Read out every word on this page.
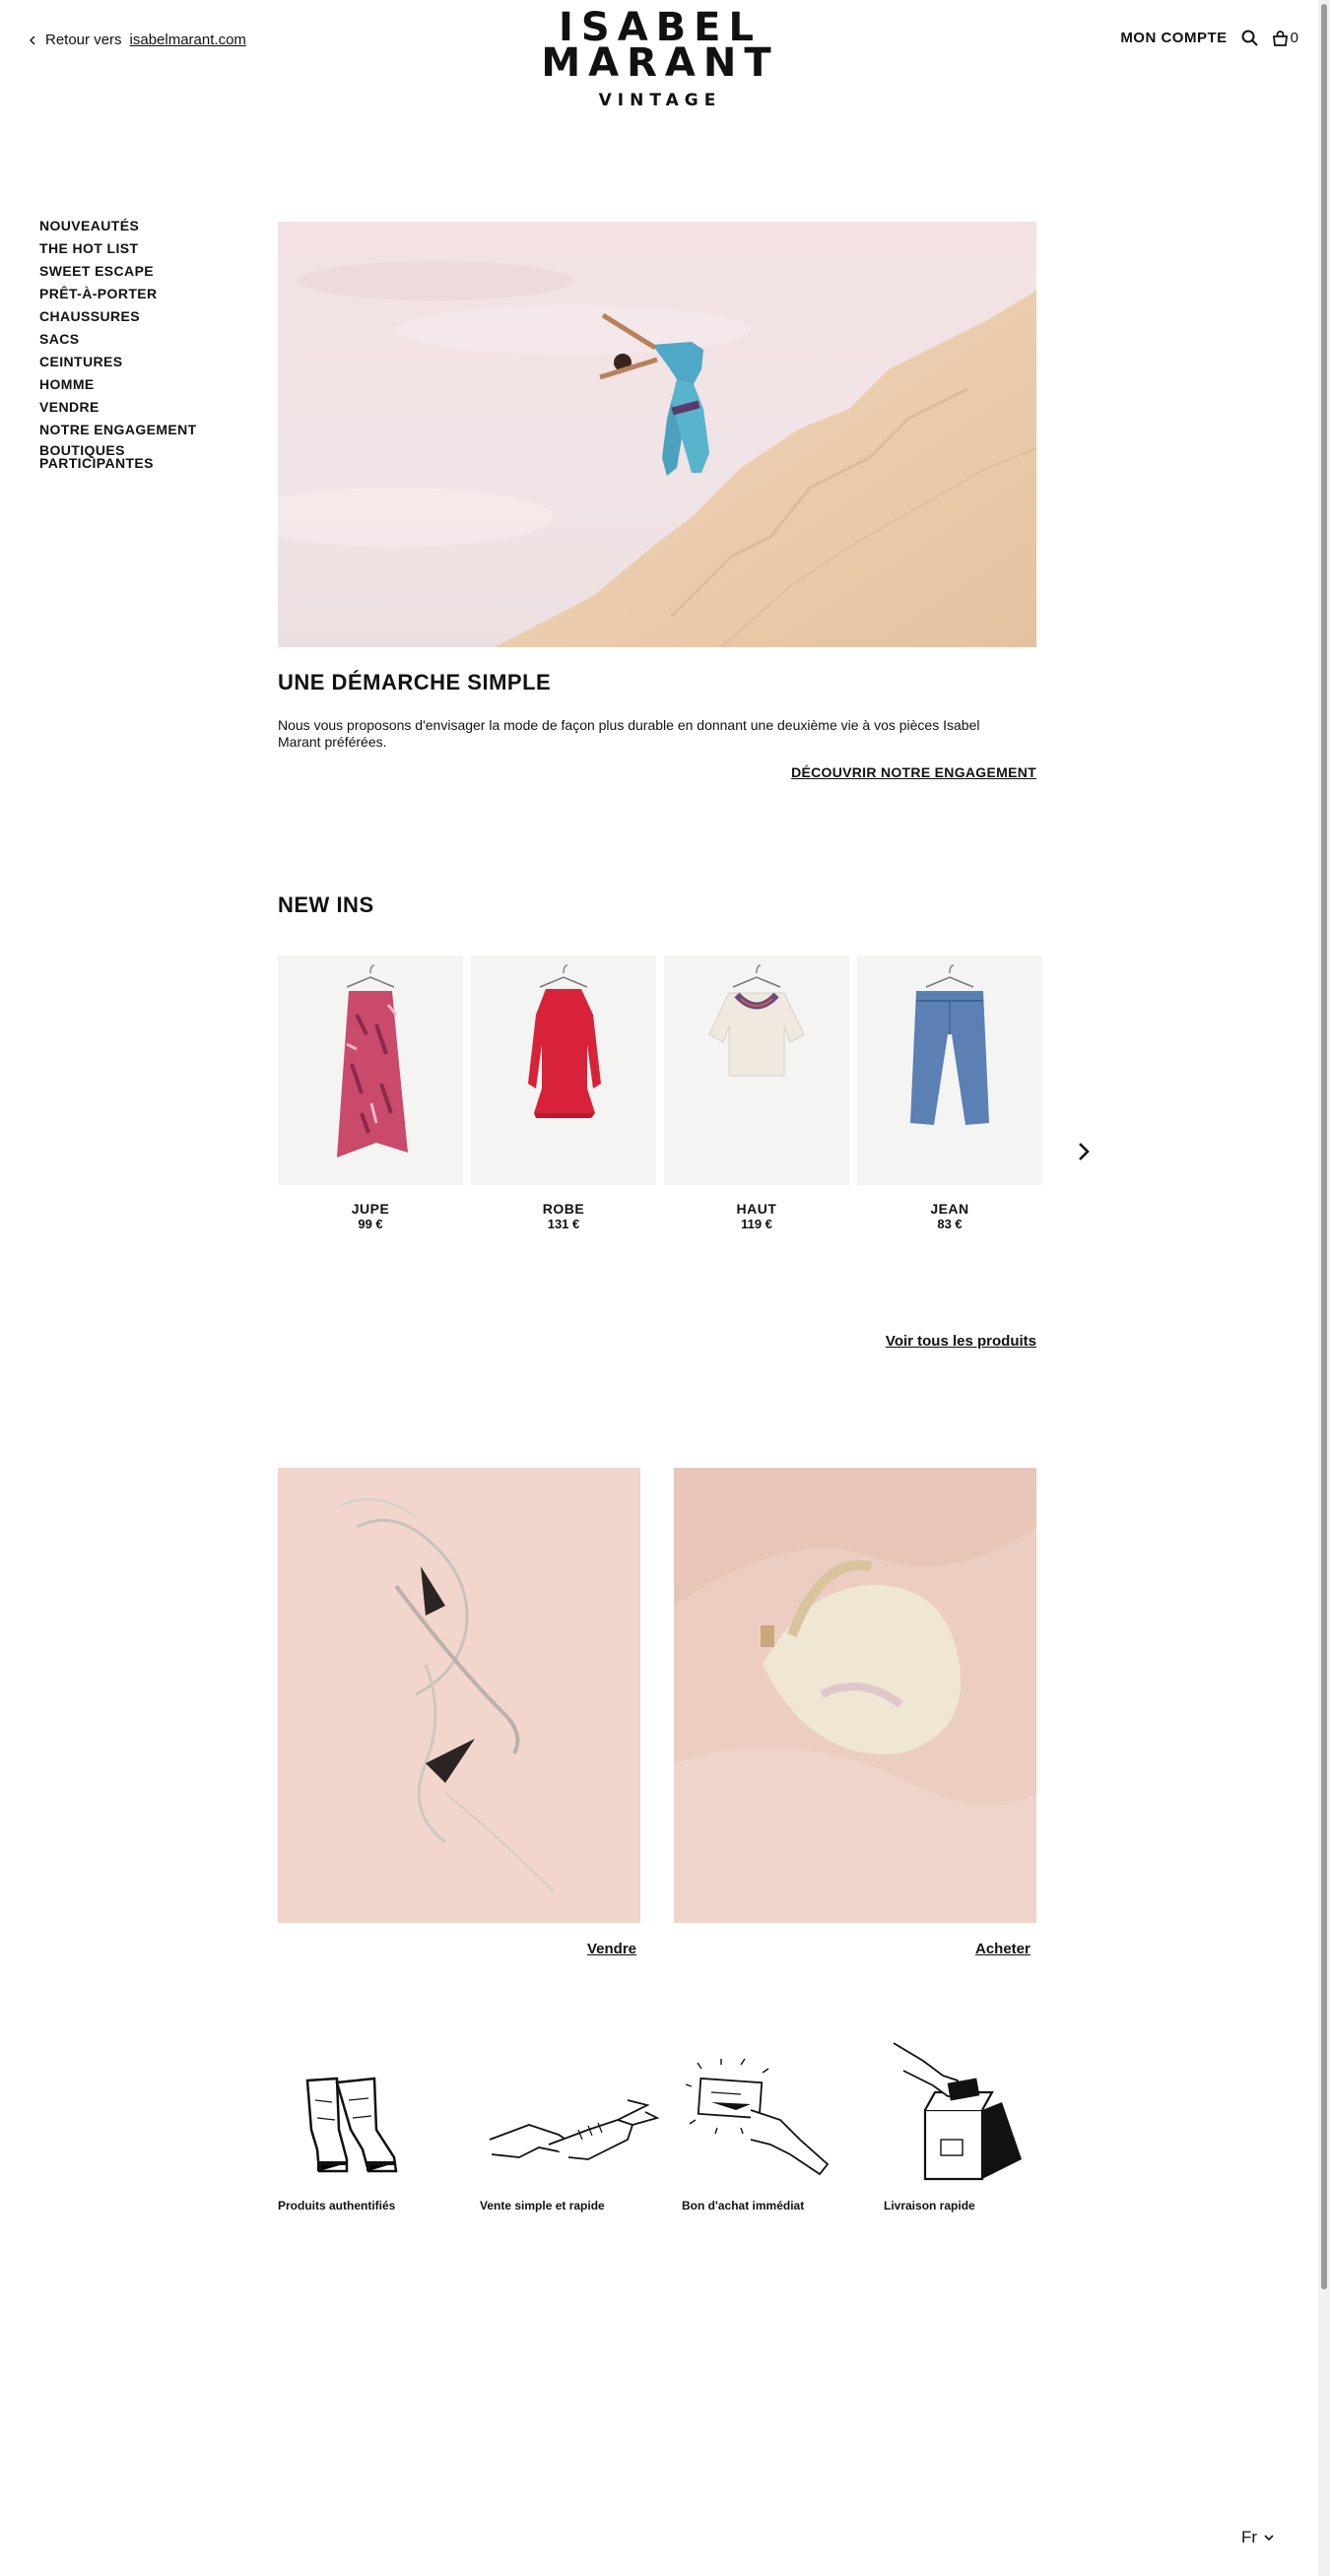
Retour vers isabelmarant.com	ISABEL
MARANT
VINTAGE
MON COMPTE	0
NOUVEAUTÉS
THE HOT LIST
SWEET ESCAPE
PRÊT-À-PORTER
CHAUSSURES
SACS
CEINTURES
HOMME
VENDRE
NOTRE ENGAGEMENT
BOUTIQUES
PARTICIPANTES
UNE DÉMARCHE SIMPLE

Nous vous proposons d'envisager la mode de façon plus durable en donnant une deuxième vie à vos pièces Isabel Marant préférées.

DÉCOUVRIR NOTRE ENGAGEMENT
NEW INS
JUPE
99 €
ROBE
131 €
HAUT
119 €
JEAN
83 €
Voir tous les produits
Vendre	Acheter
Produits authentifiés	Vente simple et rapide	Bon d'achat immédiat	Livraison rapide
Fr
